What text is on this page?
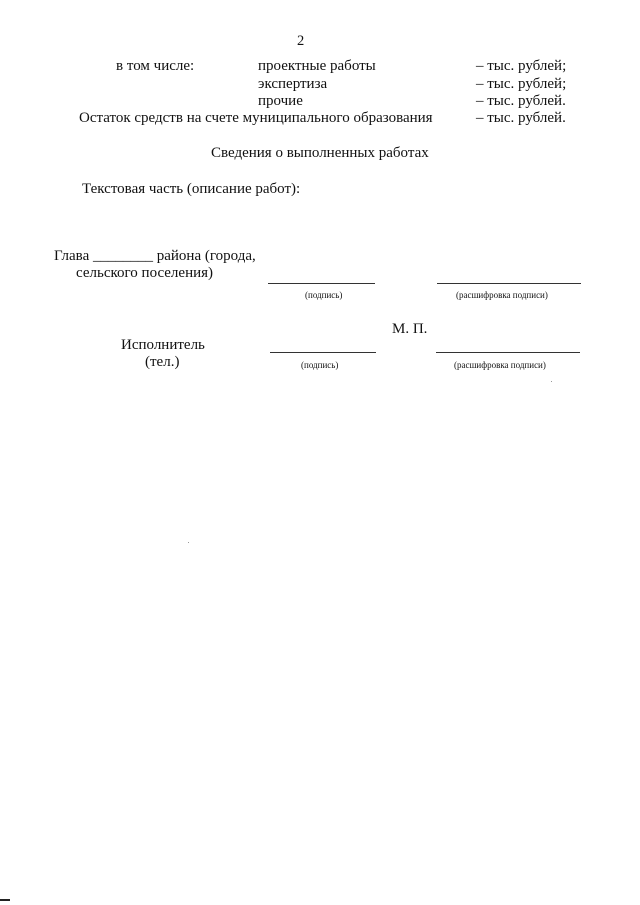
2
в том числе:	проектные работы	– тыс. рублей;
экспертиза	– тыс. рублей;
прочие	– тыс. рублей.
Остаток средств на счете муниципального образования	– тыс. рублей.
Сведения о выполненных работах
Текстовая часть (описание работ):
Глава ________ района (города,
сельского поселения)
(подпись)	(расшифровка подписи)
М. П.
Исполнитель
(тел.)	(подпись)	(расшифровка подписи)
